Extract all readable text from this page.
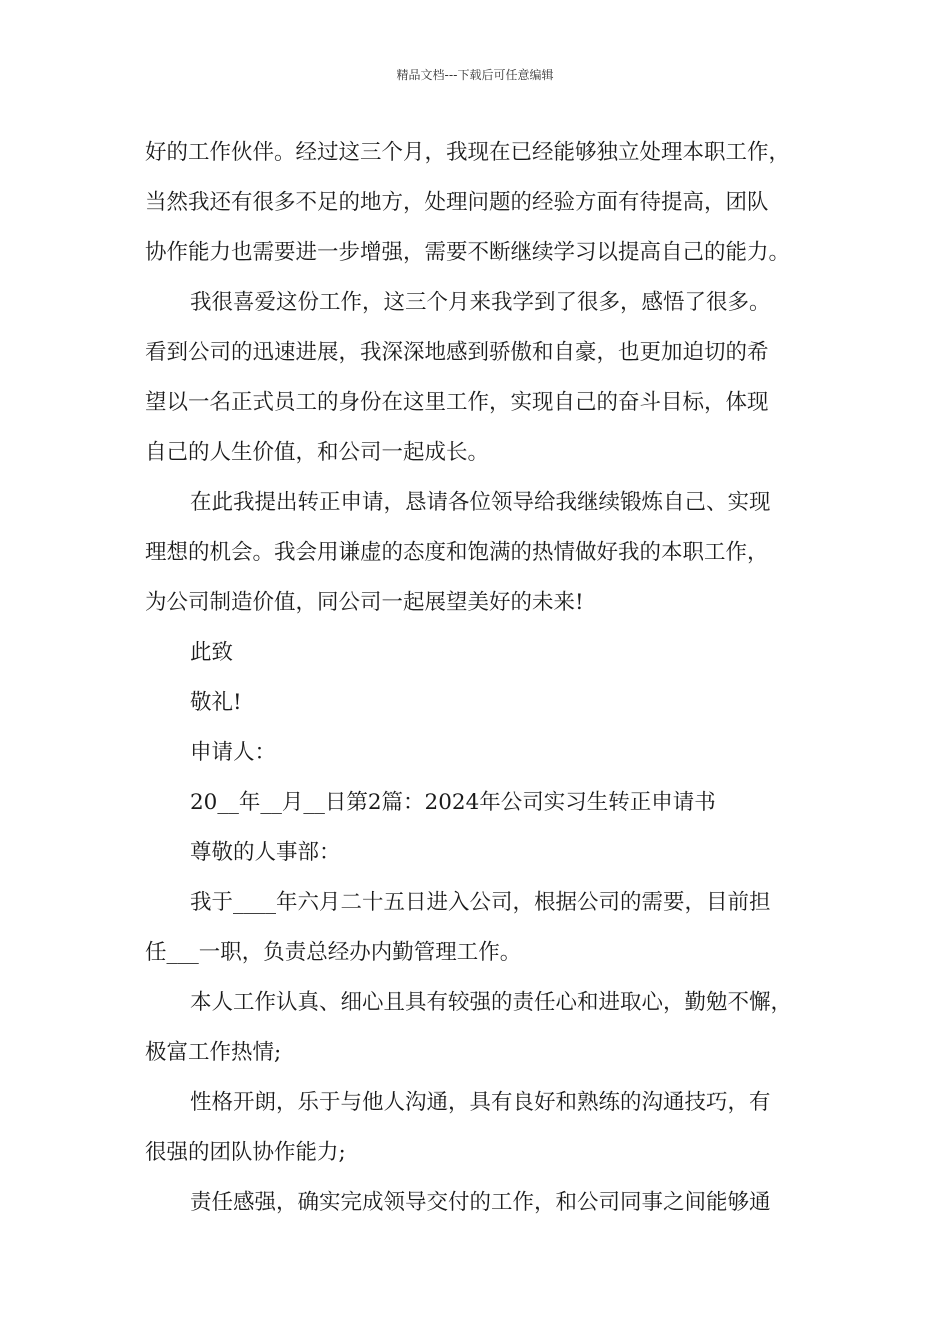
精品文档---下载后可任意编辑
好的工作伙伴。经过这三个月，我现在已经能够独立处理本职工作，
当然我还有很多不足的地方，处理问题的经验方面有待提高，团队
协作能力也需要进一步增强，需要不断继续学习以提高自己的能力。
我很喜爱这份工作，这三个月来我学到了很多，感悟了很多。
看到公司的迅速进展，我深深地感到骄傲和自豪，也更加迫切的希
望以一名正式员工的身份在这里工作，实现自己的奋斗目标，体现
自己的人生价值，和公司一起成长。
在此我提出转正申请，恳请各位领导给我继续锻炼自己、实现
理想的机会。我会用谦虚的态度和饱满的热情做好我的本职工作，
为公司制造价值，同公司一起展望美好的未来!
此致
敬礼!
申请人：
20__年__月__日第2篇：2024年公司实习生转正申请书
尊敬的人事部：
我于____年六月二十五日进入公司，根据公司的需要，目前担
任___一职，负责总经办内勤管理工作。
本人工作认真、细心且具有较强的责任心和进取心，勤勉不懈，
极富工作热情;
性格开朗，乐于与他人沟通，具有良好和熟练的沟通技巧，有
很强的团队协作能力;
责任感强，确实完成领导交付的工作，和公司同事之间能够通
